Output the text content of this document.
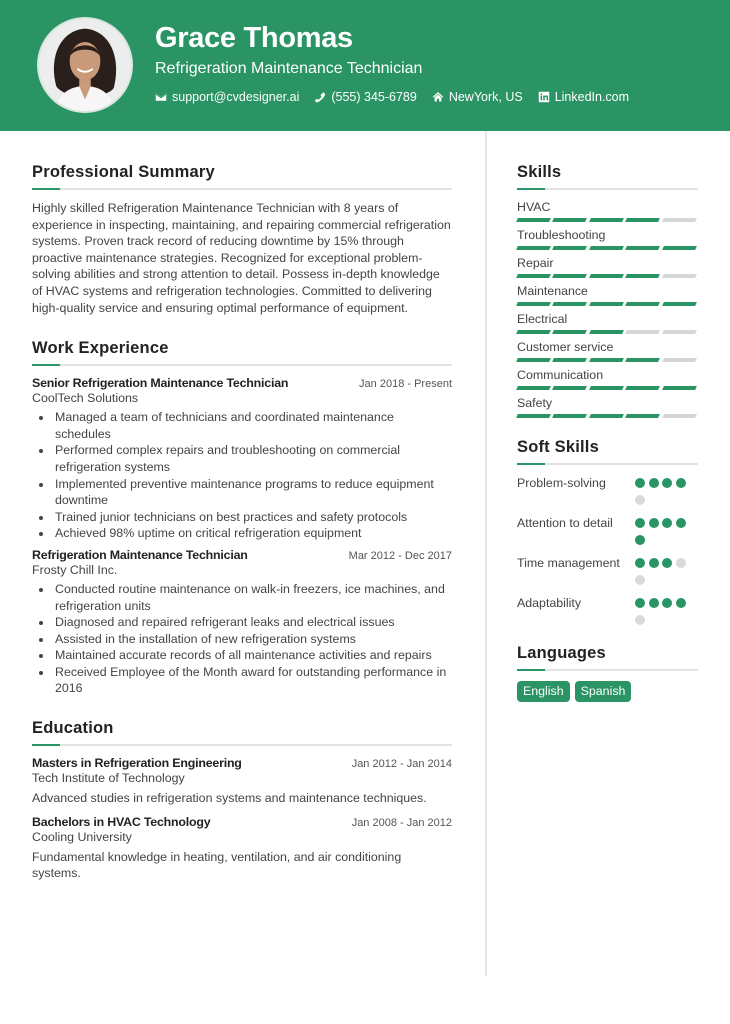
Grace Thomas
Refrigeration Maintenance Technician
support@cvdesigner.ai	(555) 345-6789	NewYork, US	LinkedIn.com
Professional Summary
Highly skilled Refrigeration Maintenance Technician with 8 years of experience in inspecting, maintaining, and repairing commercial refrigeration systems. Proven track record of reducing downtime by 15% through proactive maintenance strategies. Recognized for exceptional problem-solving abilities and strong attention to detail. Possess in-depth knowledge of HVAC systems and refrigeration technologies. Committed to delivering high-quality service and ensuring optimal performance of equipment.
Work Experience
Senior Refrigeration Maintenance Technician	Jan 2018 - Present
CoolTech Solutions
Managed a team of technicians and coordinated maintenance schedules
Performed complex repairs and troubleshooting on commercial refrigeration systems
Implemented preventive maintenance programs to reduce equipment downtime
Trained junior technicians on best practices and safety protocols
Achieved 98% uptime on critical refrigeration equipment
Refrigeration Maintenance Technician	Mar 2012 - Dec 2017
Frosty Chill Inc.
Conducted routine maintenance on walk-in freezers, ice machines, and refrigeration units
Diagnosed and repaired refrigerant leaks and electrical issues
Assisted in the installation of new refrigeration systems
Maintained accurate records of all maintenance activities and repairs
Received Employee of the Month award for outstanding performance in 2016
Education
Masters in Refrigeration Engineering	Jan 2012 - Jan 2014
Tech Institute of Technology
Advanced studies in refrigeration systems and maintenance techniques.
Bachelors in HVAC Technology	Jan 2008 - Jan 2012
Cooling University
Fundamental knowledge in heating, ventilation, and air conditioning systems.
Skills
HVAC
Troubleshooting
Repair
Maintenance
Electrical
Customer service
Communication
Safety
Soft Skills
Problem-solving
Attention to detail
Time management
Adaptability
Languages
English	Spanish
